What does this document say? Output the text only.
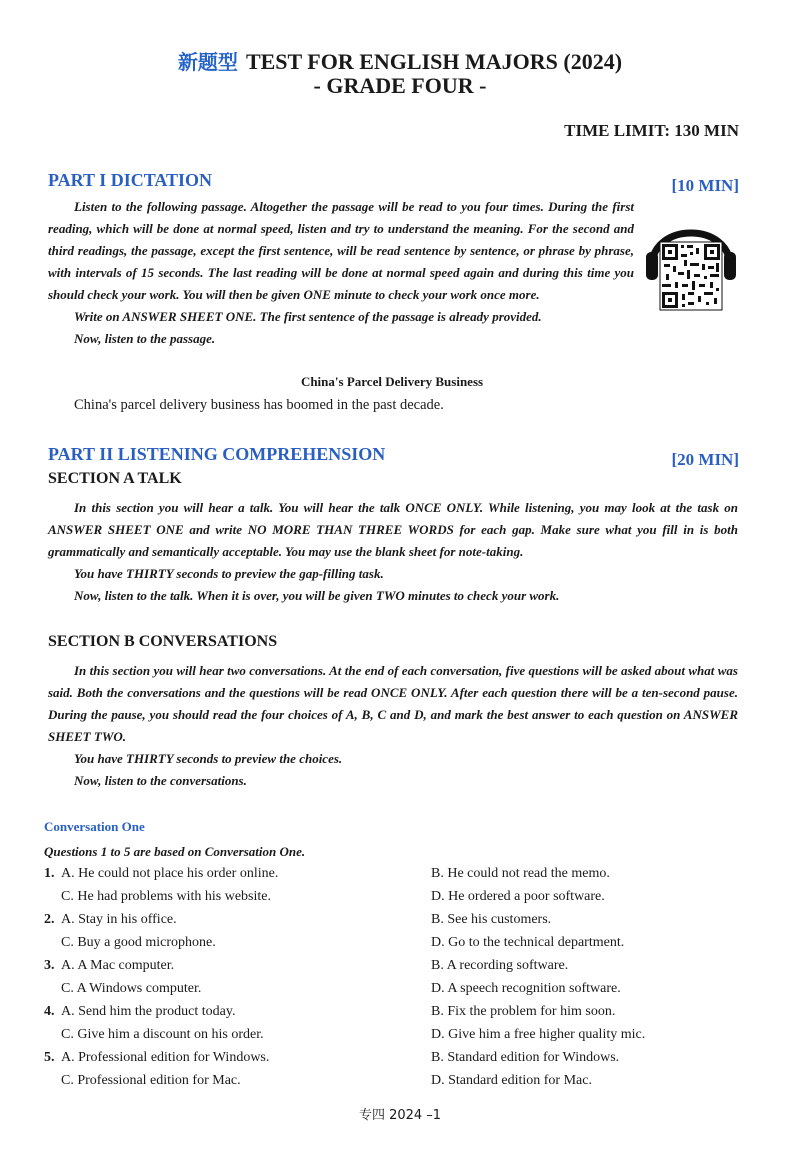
新题型 TEST FOR ENGLISH MAJORS (2024)
- GRADE FOUR -
TIME LIMIT: 130 MIN
PART I DICTATION	[10 MIN]

Listen to the following passage. Altogether the passage will be read to you four times. During the first reading, which will be done at normal speed, listen and try to understand the meaning. For the second and third readings, the passage, except the first sentence, will be read sentence by sentence, or phrase by phrase, with intervals of 15 seconds. The last reading will be done at normal speed again and during this time you should check your work. You will then be given ONE minute to check your work once more.

Write on ANSWER SHEET ONE. The first sentence of the passage is already provided.

Now, listen to the passage.

China's Parcel Delivery Business
China's parcel delivery business has boomed in the past decade.
PART II LISTENING COMPREHENSION	[20 MIN]
SECTION A TALK

In this section you will hear a talk. You will hear the talk ONCE ONLY. While listening, you may look at the task on ANSWER SHEET ONE and write NO MORE THAN THREE WORDS for each gap. Make sure what you fill in is both grammatically and semantically acceptable. You may use the blank sheet for note-taking.

You have THIRTY seconds to preview the gap-filling task.

Now, listen to the talk. When it is over, you will be given TWO minutes to check your work.

SECTION B CONVERSATIONS

In this section you will hear two conversations. At the end of each conversation, five questions will be asked about what was said. Both the conversations and the questions will be read ONCE ONLY. After each question there will be a ten-second pause. During the pause, you should read the four choices of A, B, C and D, and mark the best answer to each question on ANSWER SHEET TWO.

You have THIRTY seconds to preview the choices.

Now, listen to the conversations.

Conversation One
Questions 1 to 5 are based on Conversation One.
1. A. He could not place his order online.	B. He could not read the memo.
C. He had problems with his website.	D. He ordered a poor software.
2. A. Stay in his office.	B. See his customers.
C. Buy a good microphone.	D. Go to the technical department.
3. A. A Mac computer.	B. A recording software.
C. A Windows computer.	D. A speech recognition software.
4. A. Send him the product today.	B. Fix the problem for him soon.
C. Give him a discount on his order.	D. Give him a free higher quality mic.
5. A. Professional edition for Windows.	B. Standard edition for Windows.
C. Professional edition for Mac.	D. Standard edition for Mac.
专四 2024 –1
